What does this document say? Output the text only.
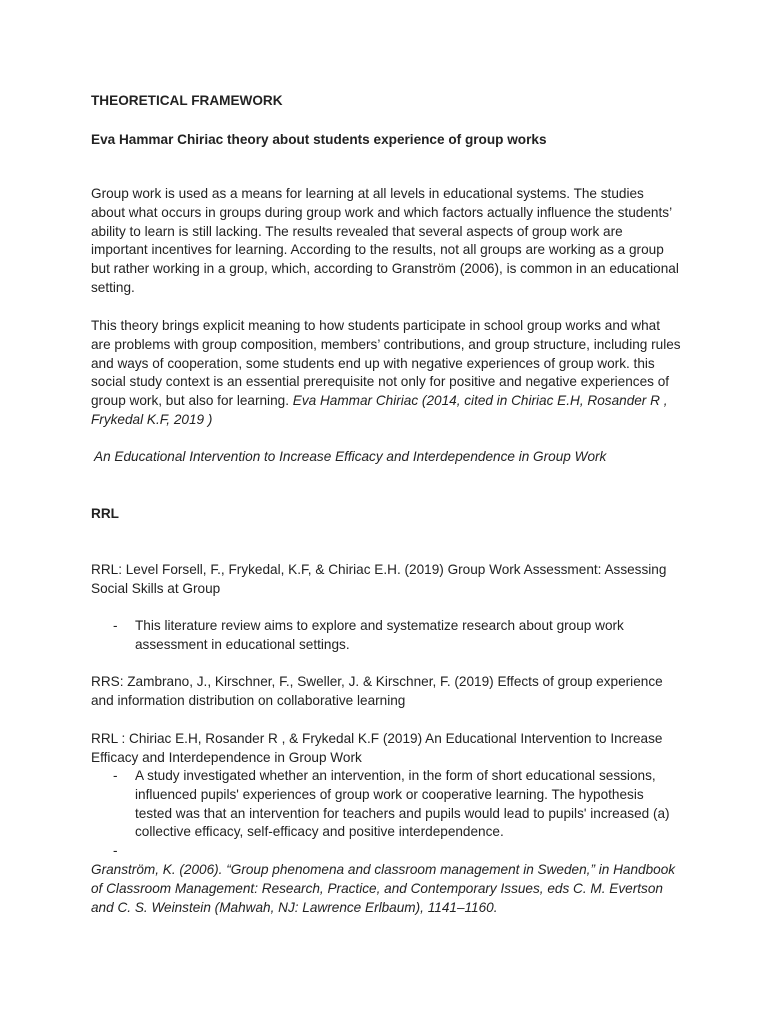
THEORETICAL FRAMEWORK
Eva Hammar Chiriac theory about students experience of group works
Group work is used as a means for learning at all levels in educational systems. The studies about what occurs in groups during group work and which factors actually influence the students’ ability to learn is still lacking. The results revealed that several aspects of group work are important incentives for learning. According to the results, not all groups are working as a group but rather working in a group, which, according to Granström (2006), is common in an educational setting.
This theory brings explicit meaning to how students participate in school group works and what are problems with group composition, members’ contributions, and group structure, including rules and ways of cooperation, some students end up with negative experiences of group work. this social study context is an essential prerequisite not only for positive and negative experiences of group work, but also for learning. Eva Hammar Chiriac (2014, cited in Chiriac E.H, Rosander R , Frykedal K.F, 2019 )
An Educational Intervention to Increase Efficacy and Interdependence in Group Work
RRL
RRL: Level Forsell, F., Frykedal, K.F, & Chiriac E.H. (2019) Group Work Assessment: Assessing Social Skills at Group
- This literature review aims to explore and systematize research about group work assessment in educational settings.
RRS: Zambrano, J., Kirschner, F., Sweller, J. & Kirschner, F. (2019) Effects of group experience and information distribution on collaborative learning
RRL : Chiriac E.H, Rosander R , & Frykedal K.F (2019) An Educational Intervention to Increase Efficacy and Interdependence in Group Work
- A study investigated whether an intervention, in the form of short educational sessions, influenced pupils' experiences of group work or cooperative learning. The hypothesis tested was that an intervention for teachers and pupils would lead to pupils' increased (a) collective efficacy, self-efficacy and positive interdependence.
-
Granström, K. (2006). “Group phenomena and classroom management in Sweden,” in Handbook of Classroom Management: Research, Practice, and Contemporary Issues, eds C. M. Evertson and C. S. Weinstein (Mahwah, NJ: Lawrence Erlbaum), 1141–1160.
